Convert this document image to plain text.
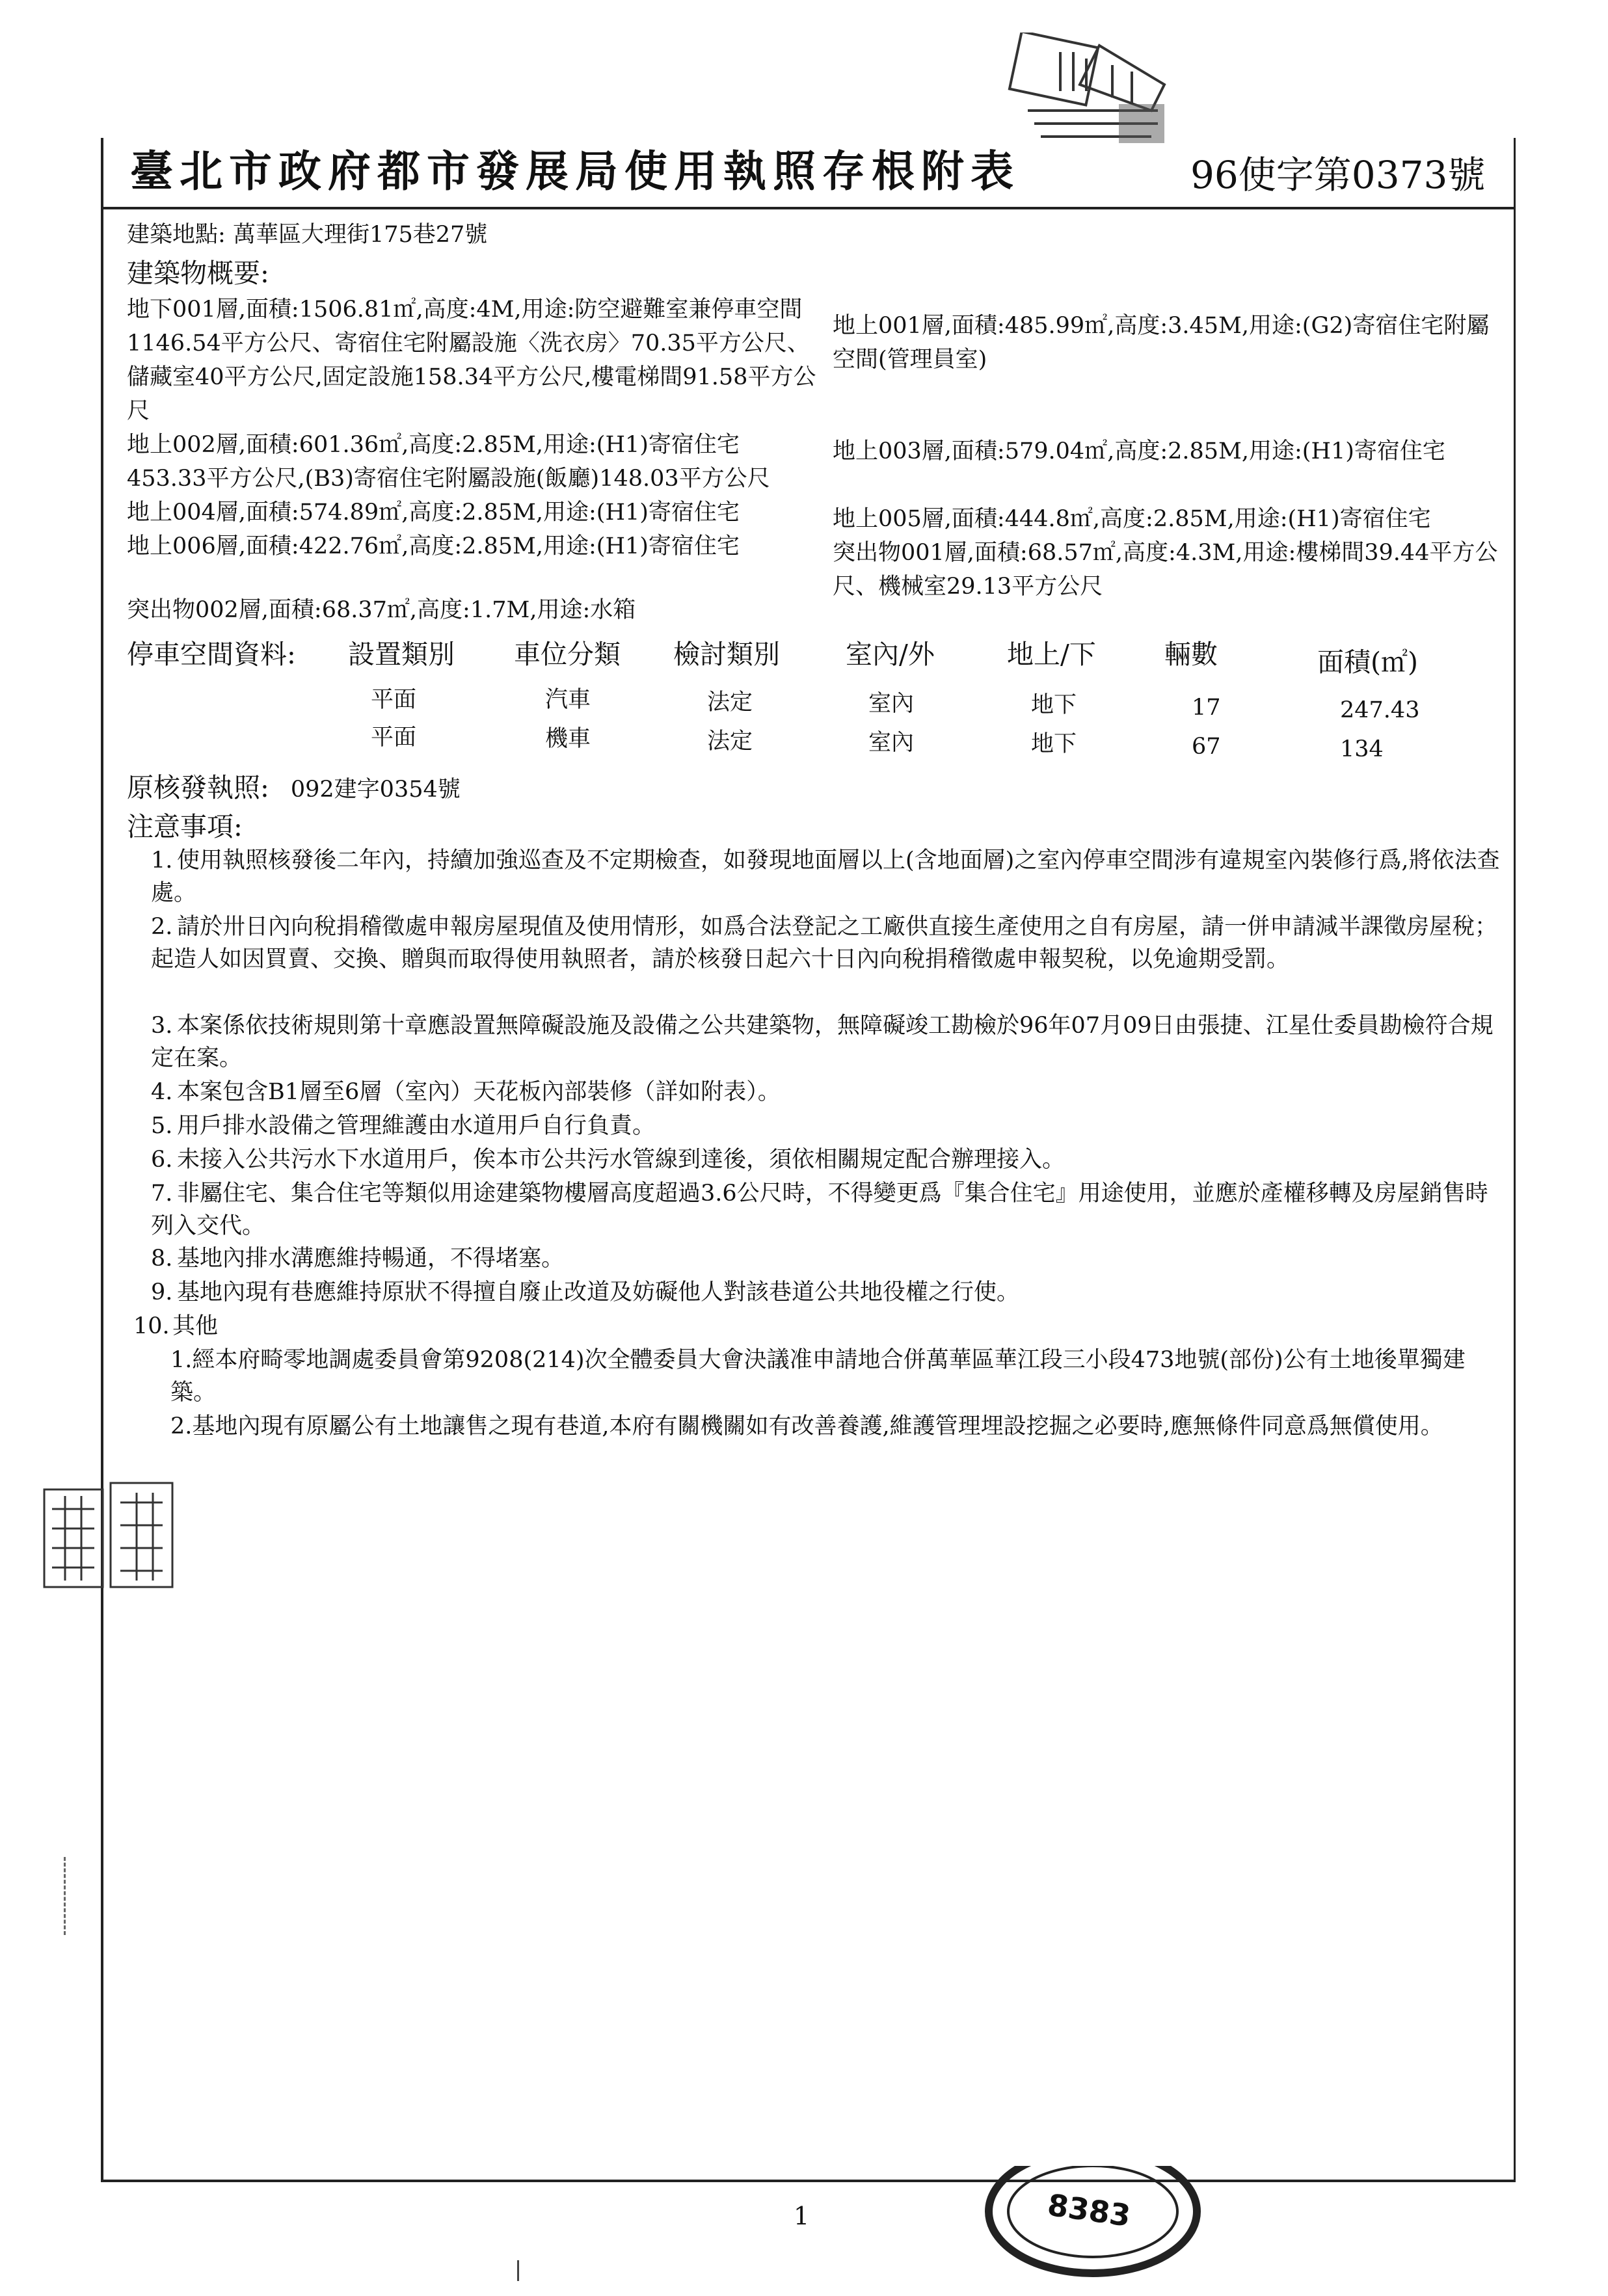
臺北市政府都市發展局使用執照存根附表	96使字第0373號
建築地點: 萬華區大理街175巷27號
建築物概要:
地下001層,面積:1506.81㎡,高度:4M,用途:防空避難室兼停車空間1146.54平方公尺、寄宿住宅附屬設施〈洗衣房〉70.35平方公尺、儲藏室40平方公尺,固定設施158.34平方公尺,樓電梯間91.58平方公尺
地上002層,面積:601.36㎡,高度:2.85M,用途:(H1)寄宿住宅453.33平方公尺,(B3)寄宿住宅附屬設施(飯廳)148.03平方公尺
地上004層,面積:574.89㎡,高度:2.85M,用途:(H1)寄宿住宅
地上006層,面積:422.76㎡,高度:2.85M,用途:(H1)寄宿住宅
地上001層,面積:485.99㎡,高度:3.45M,用途:(G2)寄宿住宅附屬空間(管理員室)
地上003層,面積:579.04㎡,高度:2.85M,用途:(H1)寄宿住宅
地上005層,面積:444.8㎡,高度:2.85M,用途:(H1)寄宿住宅
突出物001層,面積:68.57㎡,高度:4.3M,用途:樓梯間39.44平方公尺、機械室29.13平方公尺
突出物002層,面積:68.37㎡,高度:1.7M,用途:水箱
停車空間資料: 設置類別 車位分類 檢討類別 室內/外	地上/下	輛數	面積(㎡)
平面	汽車	法定	室內	地下	17	247.43
平面	機車	法定	室內	地下	67	134
原核發執照: 092建字0354號
注意事項:
1. 使用執照核發後二年內，持續加強巡查及不定期檢查，如發現地面層以上(含地面層)之室內停車空間涉有違規室內裝修行爲,將依法查處。
2. 請於卅日內向稅捐稽徵處申報房屋現值及使用情形，如爲合法登記之工廠供直接生產使用之自有房屋，請一併申請減半課徵房屋稅；起造人如因買賣、交換、贈與而取得使用執照者，請於核發日起六十日內向稅捐稽徵處申報契稅，以免逾期受罰。
3. 本案係依技術規則第十章應設置無障礙設施及設備之公共建築物，無障礙竣工勘檢於96年07月09日由張捷、江星仕委員勘檢符合規定在案。
4. 本案包含B1層至6層（室內）天花板內部裝修（詳如附表）。
5. 用戶排水設備之管理維護由水道用戶自行負責。
6. 未接入公共污水下水道用戶，俟本市公共污水管線到達後，須依相關規定配合辦理接入。
7. 非屬住宅、集合住宅等類似用途建築物樓層高度超過3.6公尺時，不得變更爲『集合住宅』用途使用，並應於產權移轉及房屋銷售時列入交代。
8. 基地內排水溝應維持暢通，不得堵塞。
9. 基地內現有巷應維持原狀不得擅自廢止改道及妨礙他人對該巷道公共地役權之行使。
10. 其他
1.經本府畸零地調處委員會第9208(214)次全體委員大會決議准申請地合併萬華區華江段三小段473地號(部份)公有土地後單獨建築。
2.基地內現有原屬公有土地讓售之現有巷道,本府有關機關如有改善養護,維護管理埋設挖掘之必要時,應無條件同意爲無償使用。
8383
1
